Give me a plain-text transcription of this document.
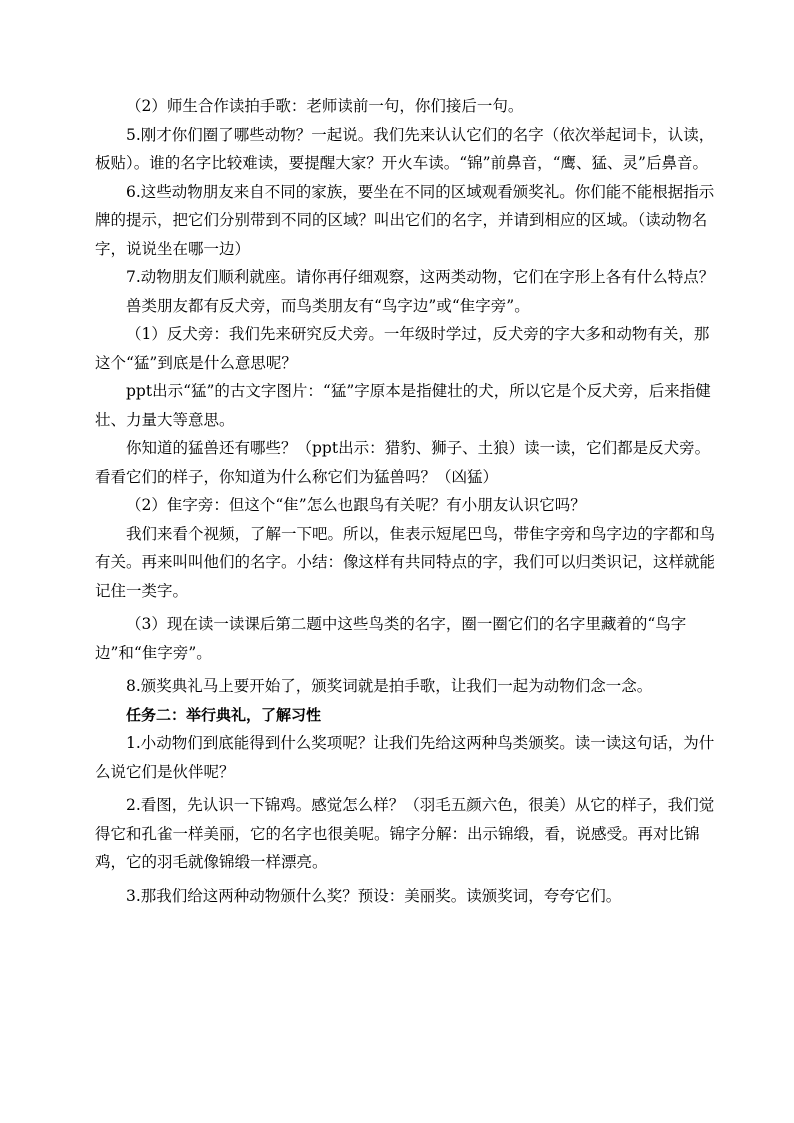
（2）师生合作读拍手歌：老师读前一句，你们接后一句。

5.刚才你们圈了哪些动物？一起说。我们先来认认它们的名字（依次举起词卡，认读，板贴）。谁的名字比较难读，要提醒大家？开火车读。“锦”前鼻音，“鹰、猛、灵”后鼻音。

6.这些动物朋友来自不同的家族，要坐在不同的区域观看颁奖礼。你们能不能根据指示牌的提示，把它们分别带到不同的区域？叫出它们的名字，并请到相应的区域。（读动物名字，说说坐在哪一边）

7.动物朋友们顺利就座。请你再仔细观察，这两类动物，它们在字形上各有什么特点？

兽类朋友都有反犬旁，而鸟类朋友有“鸟字边”或“隹字旁”。

（1）反犬旁：我们先来研究反犬旁。一年级时学过，反犬旁的字大多和动物有关，那这个“猛”到底是什么意思呢？

ppt出示“猛”的古文字图片：“猛”字原本是指健壮的犬，所以它是个反犬旁，后来指健壮、力量大等意思。

你知道的猛兽还有哪些？（ppt出示：猎豹、狮子、土狼）读一读，它们都是反犬旁。看看它们的样子，你知道为什么称它们为猛兽吗？（凶猛）

（2）隹字旁：但这个“隹”怎么也跟鸟有关呢？有小朋友认识它吗？

我们来看个视频，了解一下吧。所以，隹表示短尾巴鸟，带隹字旁和鸟字边的字都和鸟有关。再来叫叫他们的名字。小结：像这样有共同特点的字，我们可以归类识记，这样就能记住一类字。

（3）现在读一读课后第二题中这些鸟类的名字，圈一圈它们的名字里藏着的“鸟字边”和“隹字旁”。

8.颁奖典礼马上要开始了，颁奖词就是拍手歌，让我们一起为动物们念一念。

任务二：举行典礼，了解习性

1.小动物们到底能得到什么奖项呢？让我们先给这两种鸟类颁奖。读一读这句话，为什么说它们是伙伴呢？

2.看图，先认识一下锦鸡。感觉怎么样？（羽毛五颜六色，很美）从它的样子，我们觉得它和孔雀一样美丽，它的名字也很美呢。锦字分解：出示锦缎，看，说感受。再对比锦鸡，它的羽毛就像锦缎一样漂亮。

3.那我们给这两种动物颁什么奖？预设：美丽奖。读颁奖词，夸夸它们。
